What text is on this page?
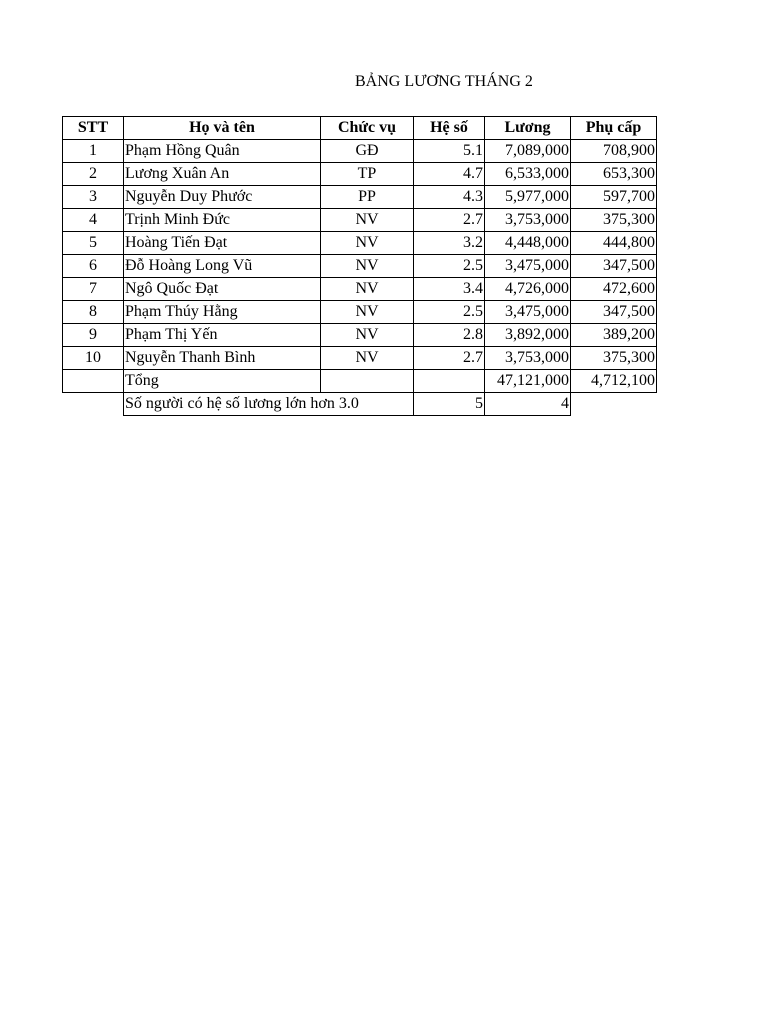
BẢNG LƯƠNG THÁNG 2
STT	Họ và tên	Chức vụ	Hệ số	Lương	Phụ cấp
1	Phạm Hồng Quân	GĐ	5.1	7,089,000	708,900
2	Lương Xuân An	TP	4.7	6,533,000	653,300
3	Nguyễn Duy Phước	PP	4.3	5,977,000	597,700
4	Trịnh Minh Đức	NV	2.7	3,753,000	375,300
5	Hoàng Tiến Đạt	NV	3.2	4,448,000	444,800
6	Đỗ Hoàng Long Vũ	NV	2.5	3,475,000	347,500
7	Ngô Quốc Đạt	NV	3.4	4,726,000	472,600
8	Phạm Thúy Hằng	NV	2.5	3,475,000	347,500
9	Phạm Thị Yến	NV	2.8	3,892,000	389,200
10	Nguyễn Thanh Bình	NV	2.7	3,753,000	375,300
	Tổng			47,121,000	4,712,100
	Số người có hệ số lương lớn hơn 3.0		5	4	
